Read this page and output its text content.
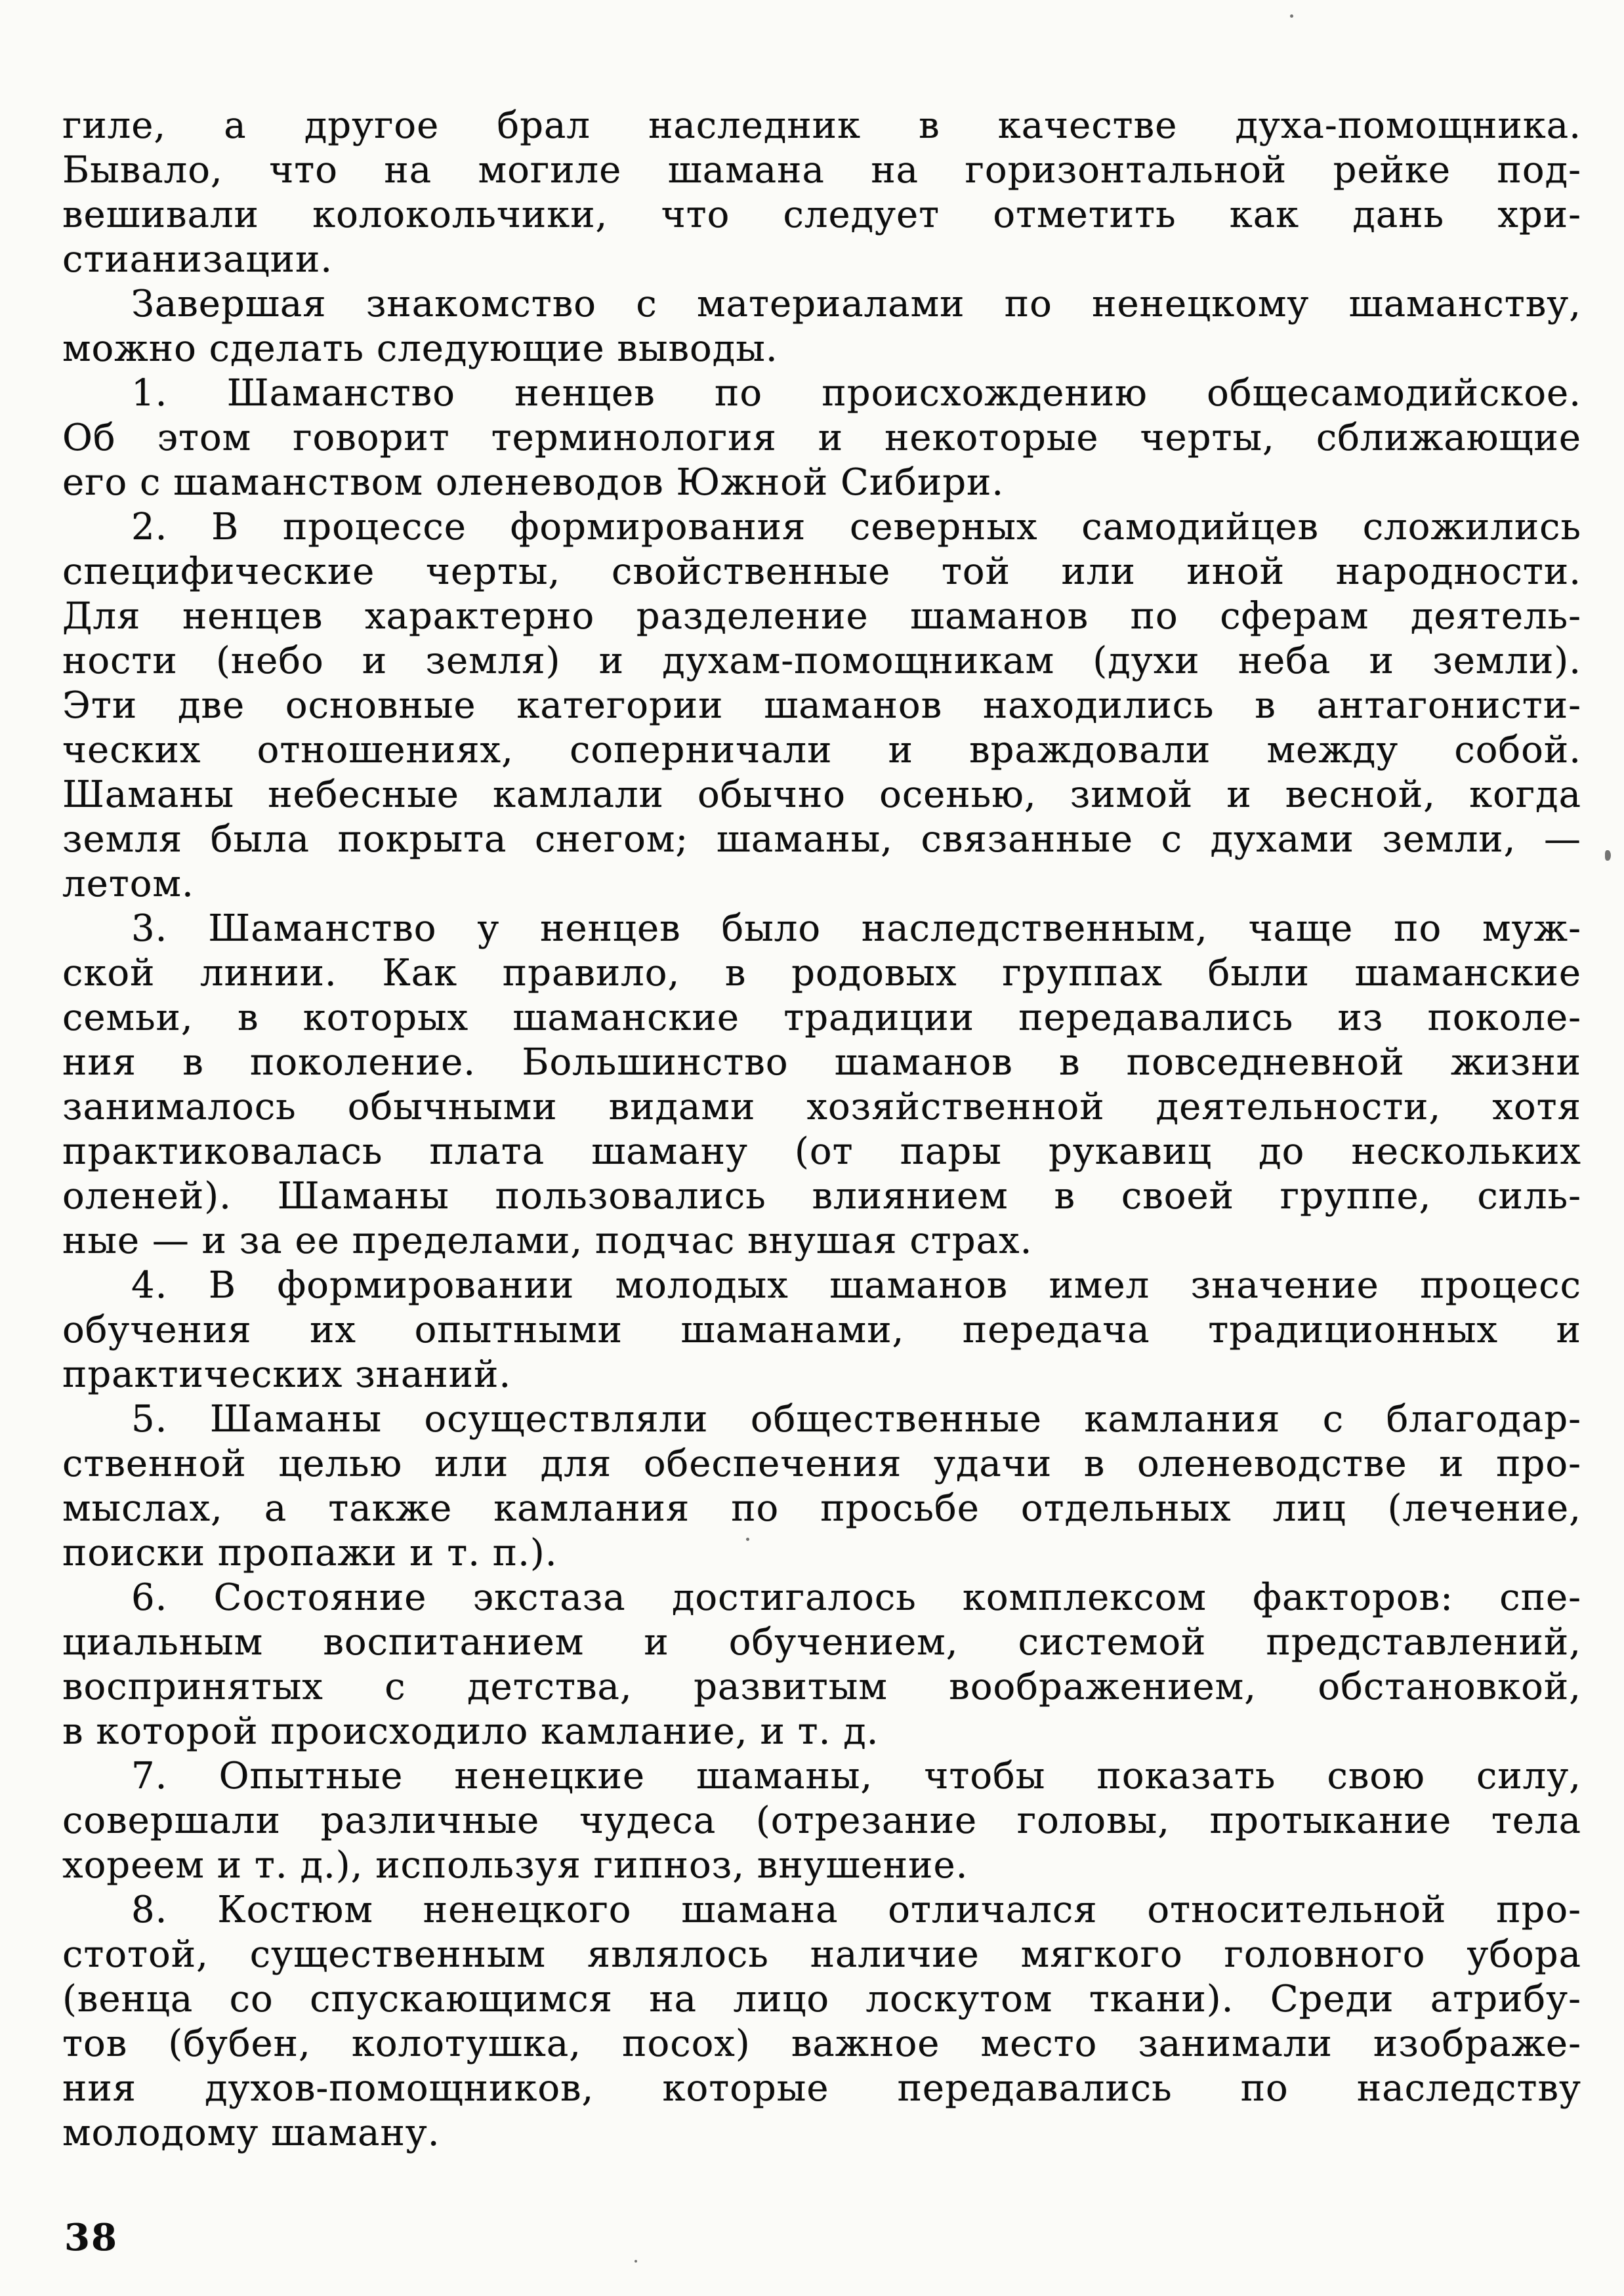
гиле, а другое брал наследник в качестве духа-помощника.
Бывало, что на могиле шамана на горизонтальной рейке под-
вешивали колокольчики, что следует отметить как дань хри-
стианизации.
Завершая знакомство с материалами по ненецкому шаманству,
можно сделать следующие выводы.
1. Шаманство ненцев по происхождению общесамодийское.
Об этом говорит терминология и некоторые черты, сближающие
его с шаманством оленеводов Южной Сибири.
2. В процессе формирования северных самодийцев сложились
специфические черты, свойственные той или иной народности.
Для ненцев характерно разделение шаманов по сферам деятель-
ности (небо и земля) и духам-помощникам (духи неба и земли).
Эти две основные категории шаманов находились в антагонисти-
ческих отношениях, соперничали и враждовали между собой.
Шаманы небесные камлали обычно осенью, зимой и весной, когда
земля была покрыта снегом; шаманы, связанные с духами земли, —
летом.
3. Шаманство у ненцев было наследственным, чаще по муж-
ской линии. Как правило, в родовых группах были шаманские
семьи, в которых шаманские традиции передавались из поколе-
ния в поколение. Большинство шаманов в повседневной жизни
занималось обычными видами хозяйственной деятельности, хотя
практиковалась плата шаману (от пары рукавиц до нескольких
оленей). Шаманы пользовались влиянием в своей группе, силь-
ные — и за ее пределами, подчас внушая страх.
4. В формировании молодых шаманов имел значение процесс
обучения их опытными шаманами, передача традиционных и
практических знаний.
5. Шаманы осуществляли общественные камлания с благодар-
ственной целью или для обеспечения удачи в оленеводстве и про-
мыслах, а также камлания по просьбе отдельных лиц (лечение,
поиски пропажи и т. п.).
6. Состояние экстаза достигалось комплексом факторов: спе-
циальным воспитанием и обучением, системой представлений,
воспринятых с детства, развитым воображением, обстановкой,
в которой происходило камлание, и т. д.
7. Опытные ненецкие шаманы, чтобы показать свою силу,
совершали различные чудеса (отрезание головы, протыкание тела
хореем и т. д.), используя гипноз, внушение.
8. Костюм ненецкого шамана отличался относительной про-
стотой, существенным являлось наличие мягкого головного убора
(венца со спускающимся на лицо лоскутом ткани). Среди атрибу-
тов (бубен, колотушка, посох) важное место занимали изображе-
ния духов-помощников, которые передавались по наследству
молодому шаману.
38
